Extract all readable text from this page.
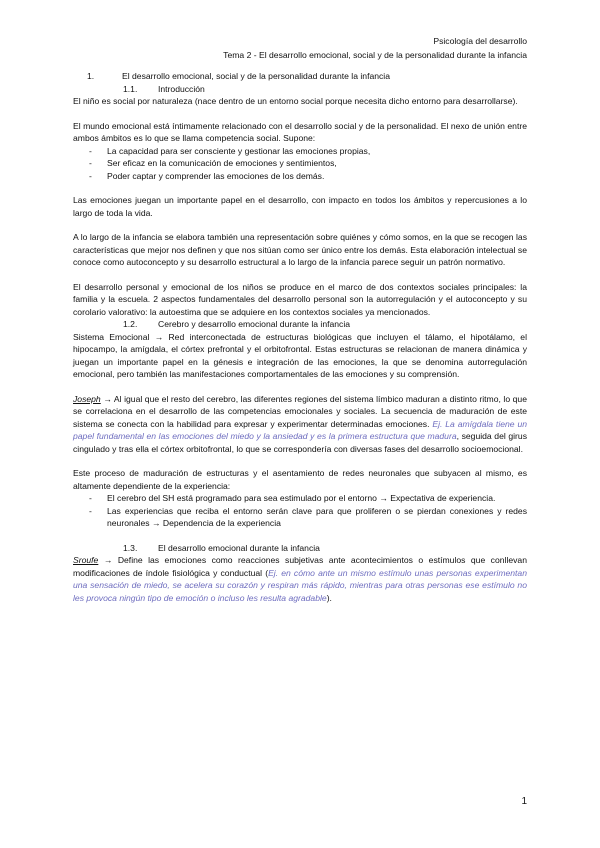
Psicología del desarrollo
Tema 2 - El desarrollo emocional, social y de la personalidad durante la infancia

1.	El desarrollo emocional, social y de la personalidad durante la infancia

1.1. Introducción

El niño es social por naturaleza (nace dentro de un entorno social porque necesita dicho entorno para desarrollarse).

El mundo emocional está íntimamente relacionado con el desarrollo social y de la personalidad. El nexo de unión entre ambos ámbitos es lo que se llama competencia social. Supone:

- La capacidad para ser consciente y gestionar las emociones propias,
- Ser eficaz en la comunicación de emociones y sentimientos,
- Poder captar y comprender las emociones de los demás.

Las emociones juegan un importante papel en el desarrollo, con impacto en todos los ámbitos y repercusiones a lo largo de toda la vida.

A lo largo de la infancia se elabora también una representación sobre quiénes y cómo somos, en la que se recogen las características que mejor nos definen y que nos sitúan como ser único entre los demás. Esta elaboración intelectual se conoce como autoconcepto y su desarrollo estructural a lo largo de la infancia parece seguir un patrón normativo.

El desarrollo personal y emocional de los niños se produce en el marco de dos contextos sociales principales: la familia y la escuela. 2 aspectos fundamentales del desarrollo personal son la autorregulación y el autoconcepto y su corolario valorativo: la autoestima que se adquiere en los contextos sociales ya mencionados.

1.2. Cerebro y desarrollo emocional durante la infancia

Sistema Emocional → Red interconectada de estructuras biológicas que incluyen el tálamo, el hipotálamo, el hipocampo, la amígdala, el córtex prefrontal y el orbitofrontal. Estas estructuras se relacionan de manera dinámica y juegan un importante papel en la génesis e integración de las emociones, la que se denomina autorregulación emocional, pero también las manifestaciones comportamentales de las emociones y su comprensión.

Joseph → Al igual que el resto del cerebro, las diferentes regiones del sistema límbico maduran a distinto ritmo, lo que se correlaciona en el desarrollo de las competencias emocionales y sociales. La secuencia de maduración de este sistema se conecta con la habilidad para expresar y experimentar determinadas emociones. Ej. La amígdala tiene un papel fundamental en las emociones del miedo y la ansiedad y es la primera estructura que madura, seguida del girus cingulado y tras ella el córtex orbitofrontal, lo que se correspondería con diversas fases del desarrollo socioemocional.

Este proceso de maduración de estructuras y el asentamiento de redes neuronales que subyacen al mismo, es altamente dependiente de la experiencia:

- El cerebro del SH está programado para sea estimulado por el entorno → Expectativa de experiencia.
- Las experiencias que reciba el entorno serán clave para que proliferen o se pierdan conexiones y redes neuronales → Dependencia de la experiencia

1.3. El desarrollo emocional durante la infancia

Sroufe → Define las emociones como reacciones subjetivas ante acontecimientos o estímulos que conllevan modificaciones de índole fisiológica y conductual (Ej. en cómo ante un mismo estímulo unas personas experimentan una sensación de miedo, se acelera su corazón y respiran más rápido, mientras para otras personas ese estímulo no les provoca ningún tipo de emoción o incluso les resulta agradable).

1
